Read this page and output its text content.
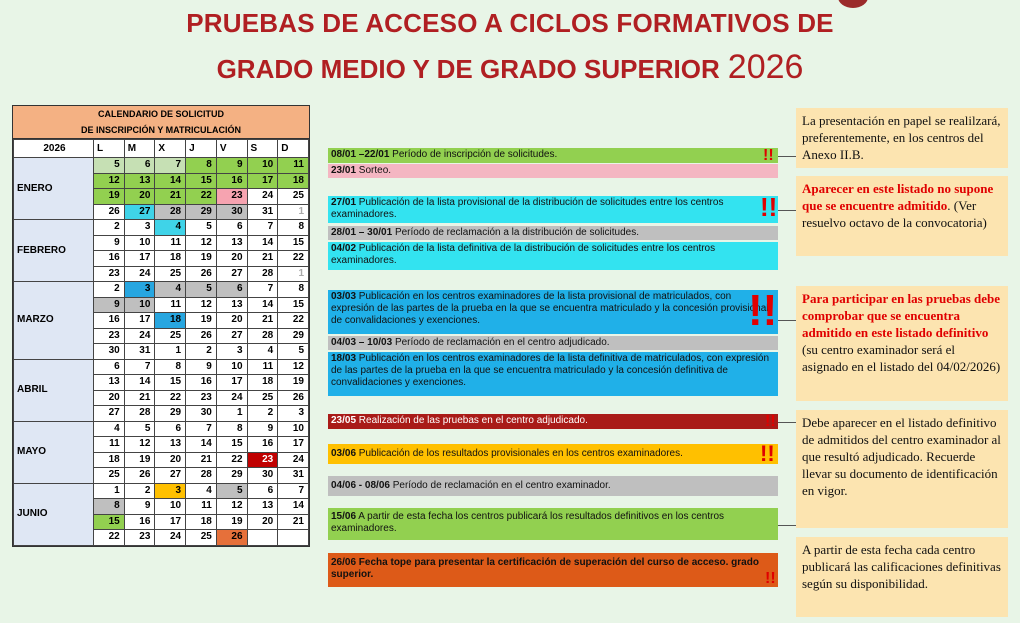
PRUEBAS DE ACCESO A CICLOS FORMATIVOS DE
GRADO MEDIO Y DE GRADO SUPERIOR 2026
CALENDARIO DE SOLICITUD
DE INSCRIPCIÓN Y MATRICULACIÓN
2026	L	M	X	J	V	S	D
ENERO	5	6	7	8	9	10	11
	12	13	14	15	16	17	18
	19	20	21	22	23	24	25
	26	27	28	29	30	31	1
FEBRERO	2	3	4	5	6	7	8
	9	10	11	12	13	14	15
	16	17	18	19	20	21	22
	23	24	25	26	27	28	1
MARZO	2	3	4	5	6	7	8
	9	10	11	12	13	14	15
	16	17	18	19	20	21	22
	23	24	25	26	27	28	29
	30	31	1	2	3	4	5
ABRIL	6	7	8	9	10	11	12
	13	14	15	16	17	18	19
	20	21	22	23	24	25	26
	27	28	29	30	1	2	3
MAYO	4	5	6	7	8	9	10
	11	12	13	14	15	16	17
	18	19	20	21	22	23	24
	25	26	27	28	29	30	31
JUNIO	1	2	3	4	5	6	7
	8	9	10	11	12	13	14
	15	16	17	18	19	20	21
	22	23	24	25	26		
08/01 –22/01 Período de inscripción de solicitudes.
23/01 Sorteo.
27/01 Publicación de la lista provisional de la distribución de solicitudes entre los centros examinadores.
28/01 – 30/01 Período de reclamación a la distribución de solicitudes.
04/02 Publicación de la lista definitiva de la distribución de solicitudes entre los centros examinadores.
03/03 Publicación en los centros examinadores de la lista provisional de matriculados, con expresión de las partes de la prueba en la que se encuentra matriculado y la concesión provisional de convalidaciones y exenciones.
04/03 – 10/03 Período de reclamación en el centro adjudicado.
18/03 Publicación en los centros examinadores de la lista definitiva de matriculados, con expresión de las partes de la prueba en la que se encuentra matriculado y la concesión definitiva de convalidaciones y exenciones.
23/05 Realización de las pruebas en el centro adjudicado.
03/06 Publicación de los resultados provisionales en los centros examinadores.
04/06 - 08/06 Período de reclamación en el centro examinador.
15/06 A partir de esta fecha los centros publicará los resultados definitivos en los centros examinadores.
26/06 Fecha tope para presentar la certificación de superación del curso de acceso. grado superior.
!!
!!
!!
!!
!!
!!
La presentación en papel se realilzará, preferentemente, en los centros del Anexo II.B.
Aparecer en este listado no supone que se encuentre admitido. (Ver resuelvo octavo de la convocatoria)
Para participar en las pruebas debe comprobar que se encuentra admitido en este listado definitivo (su centro examinador será el asignado en el listado del 04/02/2026)
Debe aparecer en el listado definitivo de admitidos del centro examinador al que resultó adjudicado. Recuerde llevar su documento de identificación en vigor.
A partir de esta fecha cada centro publicará las calificaciones definitivas según su disponibilidad.
